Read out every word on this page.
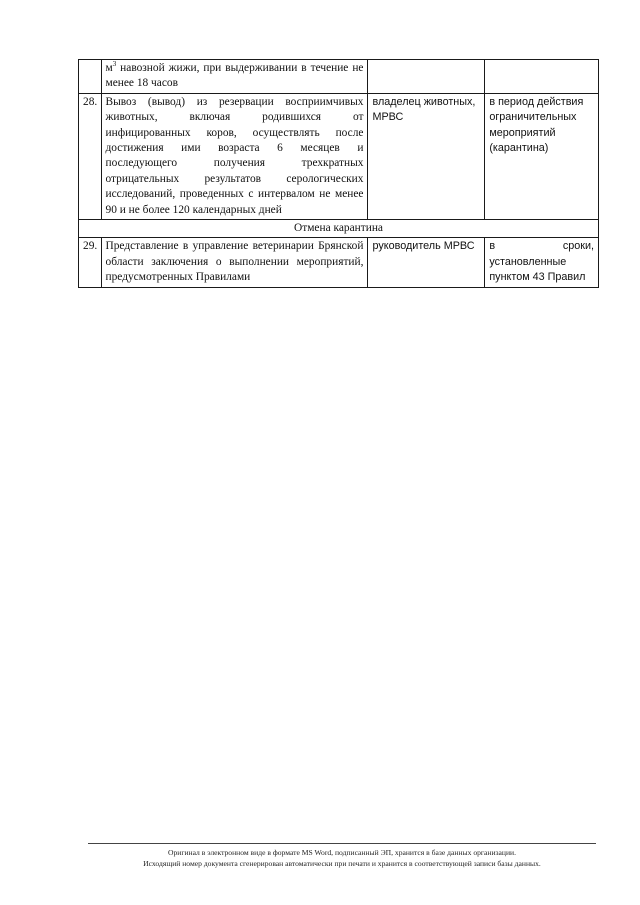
	$м^3$ навозной жижи, при выдерживании в течение не менее 18 часов		
28.	Вывоз (вывод) из резервации восприимчивых животных, включая родившихся от инфицированных коров, осуществлять после достижения ими возраста 6 месяцев и последующего получения трехкратных отрицательных результатов серологических исследований, проведенных с интервалом не менее 90 и не более 120 календарных дней	владелец животных, МРВС	в период действия ограничительных мероприятий (карантина)
Отмена карантина			
29.	Представление в управление ветеринарии Брянской области заключения о выполнении мероприятий, предусмотренных Правилами	руководитель МРВС	в сроки, установленные пунктом 43 Правил
Оригинал в электронном виде в формате MS Word, подписанный ЭП, хранится в базе данных организации.
Исходящий номер документа сгенерирован автоматически при печати и хранится в соответствующей записи базы данных.
